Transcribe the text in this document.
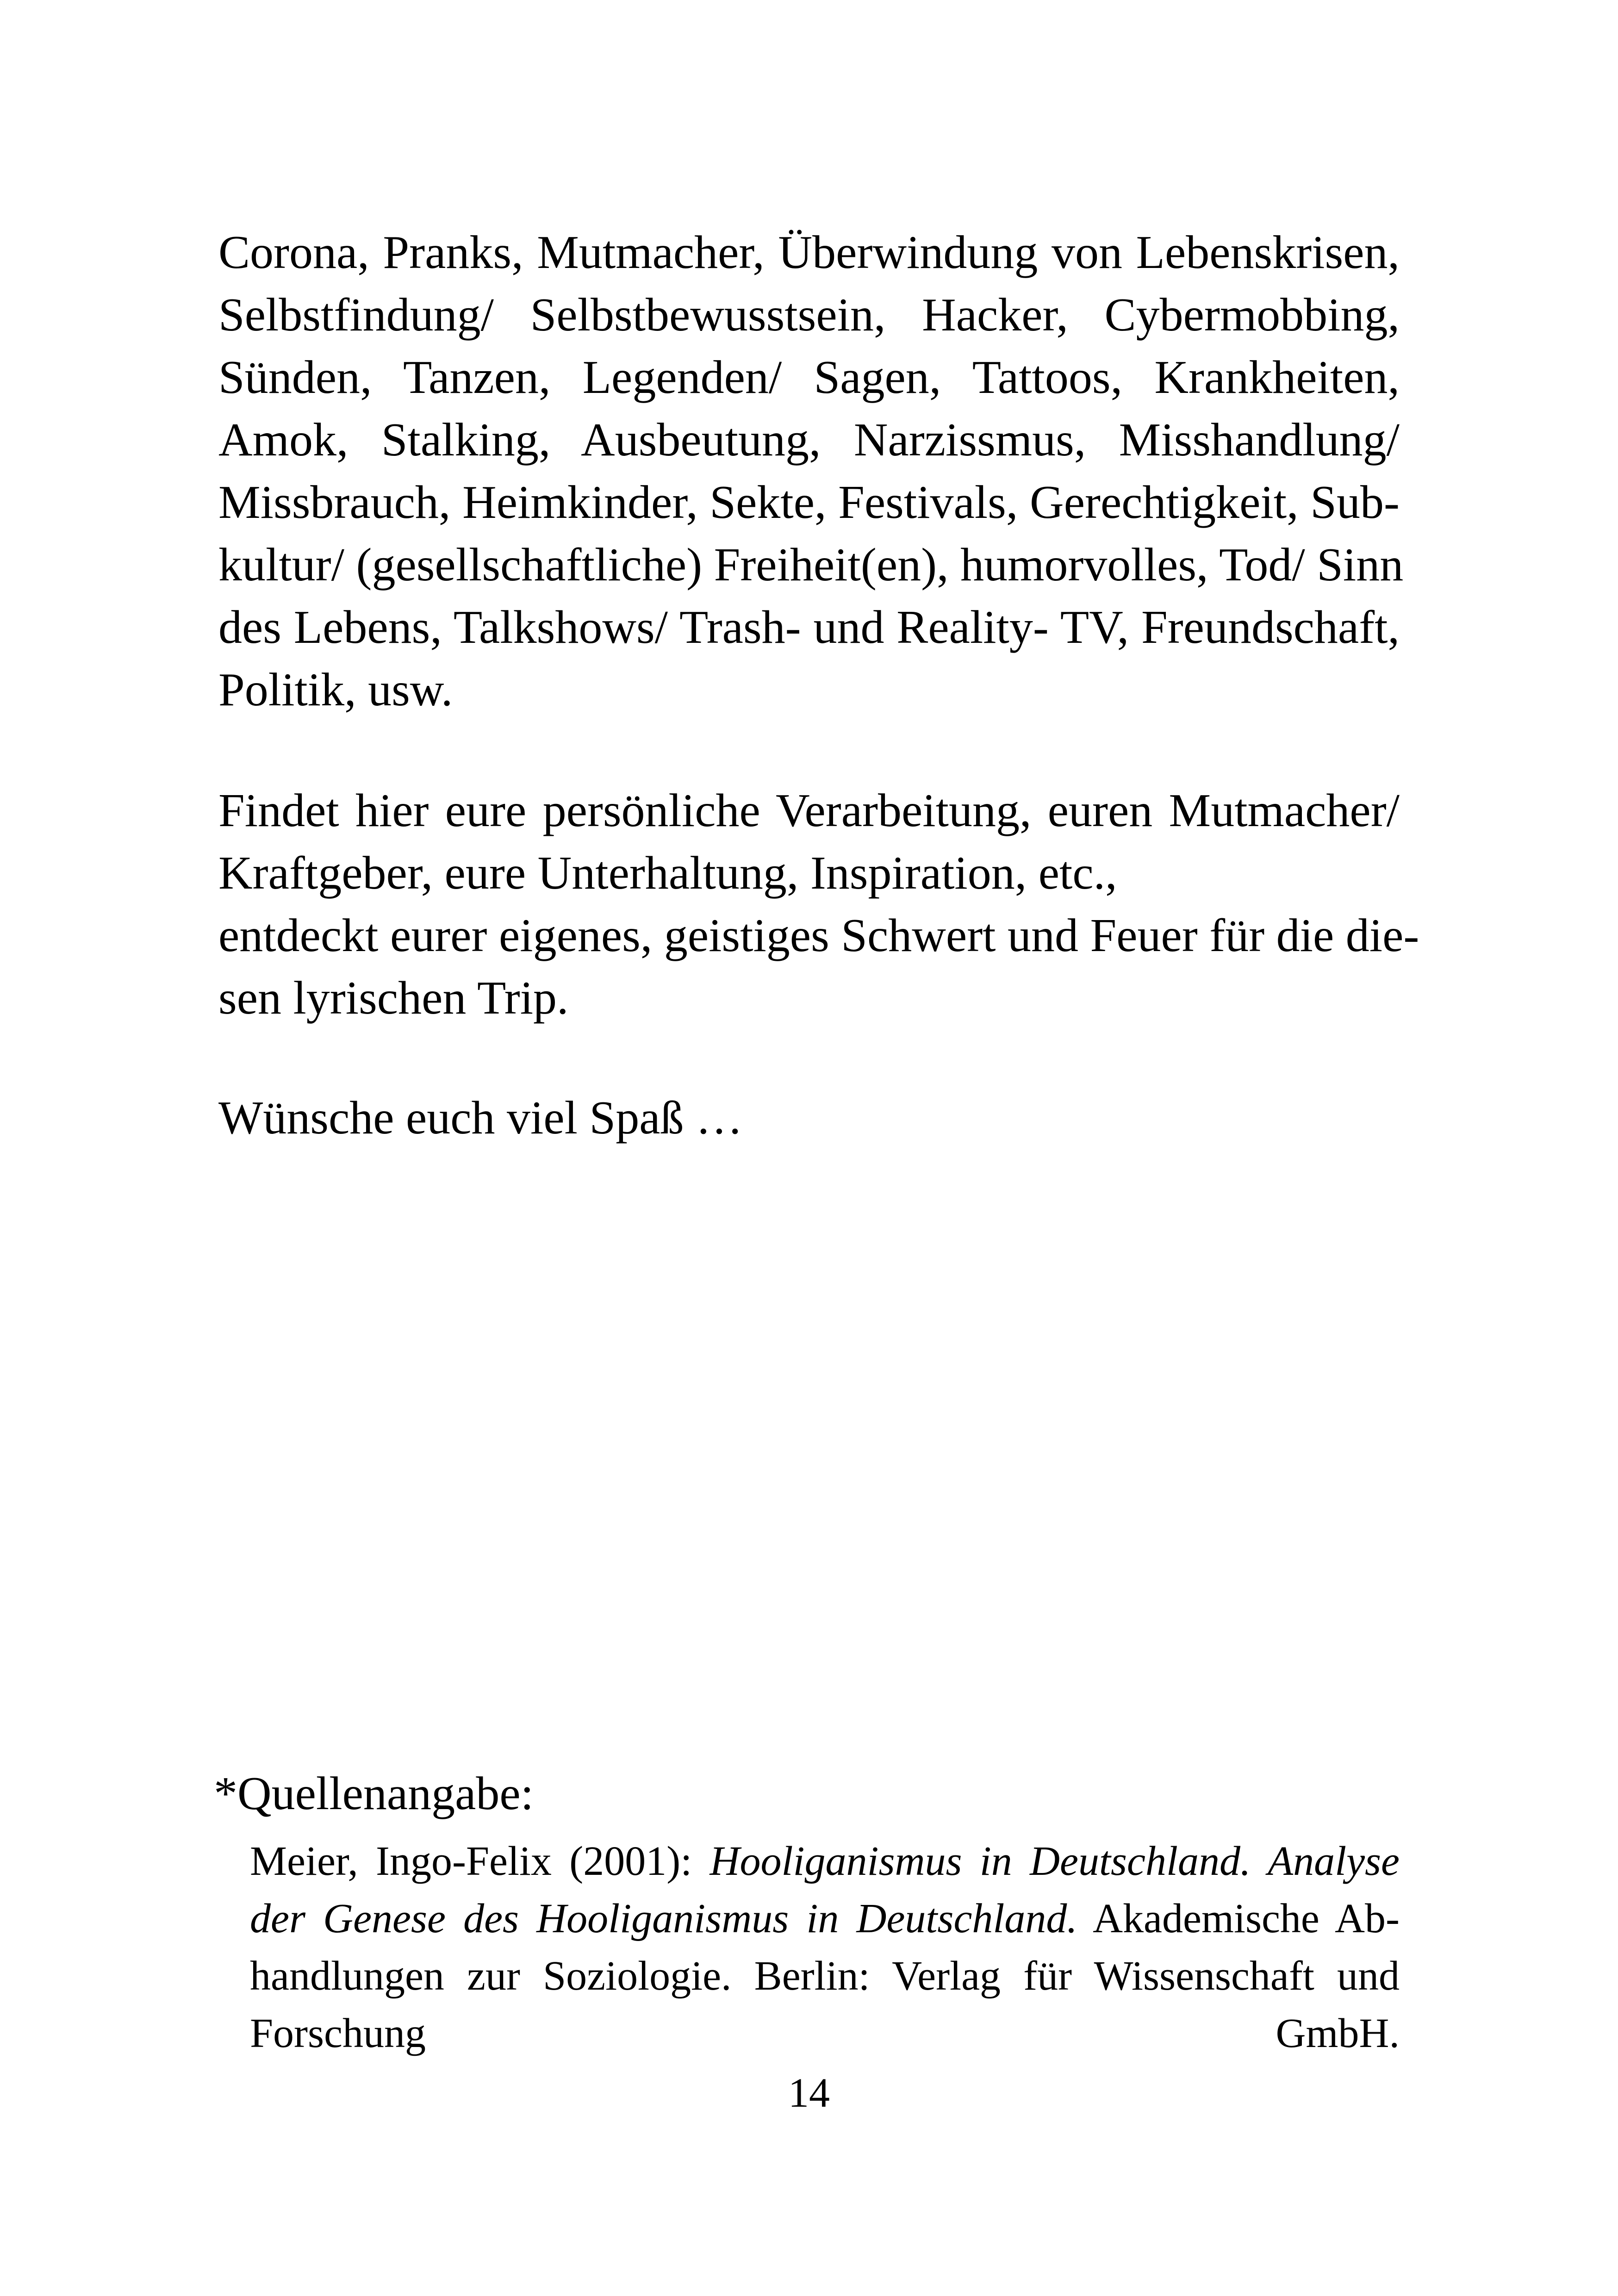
Corona, Pranks, Mutmacher, Überwindung von Lebenskrisen,
Selbstfindung/ Selbstbewusstsein, Hacker, Cybermobbing,
Sünden, Tanzen, Legenden/ Sagen, Tattoos, Krankheiten,
Amok, Stalking, Ausbeutung, Narzissmus, Misshandlung/
Missbrauch, Heimkinder, Sekte, Festivals, Gerechtigkeit, Sub-
kultur/ (gesellschaftliche) Freiheit(en), humorvolles, Tod/ Sinn
des Lebens, Talkshows/ Trash- und Reality- TV, Freundschaft,
Politik, usw.

Findet hier eure persönliche Verarbeitung, euren Mutmacher/
Kraftgeber, eure Unterhaltung, Inspiration, etc.,
entdeckt eurer eigenes, geistiges Schwert und Feuer für die die-
sen lyrischen Trip.

Wünsche euch viel Spaß …

*Quellenangabe:

Meier, Ingo-Felix (2001): Hooliganismus in Deutschland. Analyse
der Genese des Hooliganismus in Deutschland. Akademische Ab-
handlungen zur Soziologie. Berlin: Verlag für Wissenschaft und
Forschung GmbH.

14
